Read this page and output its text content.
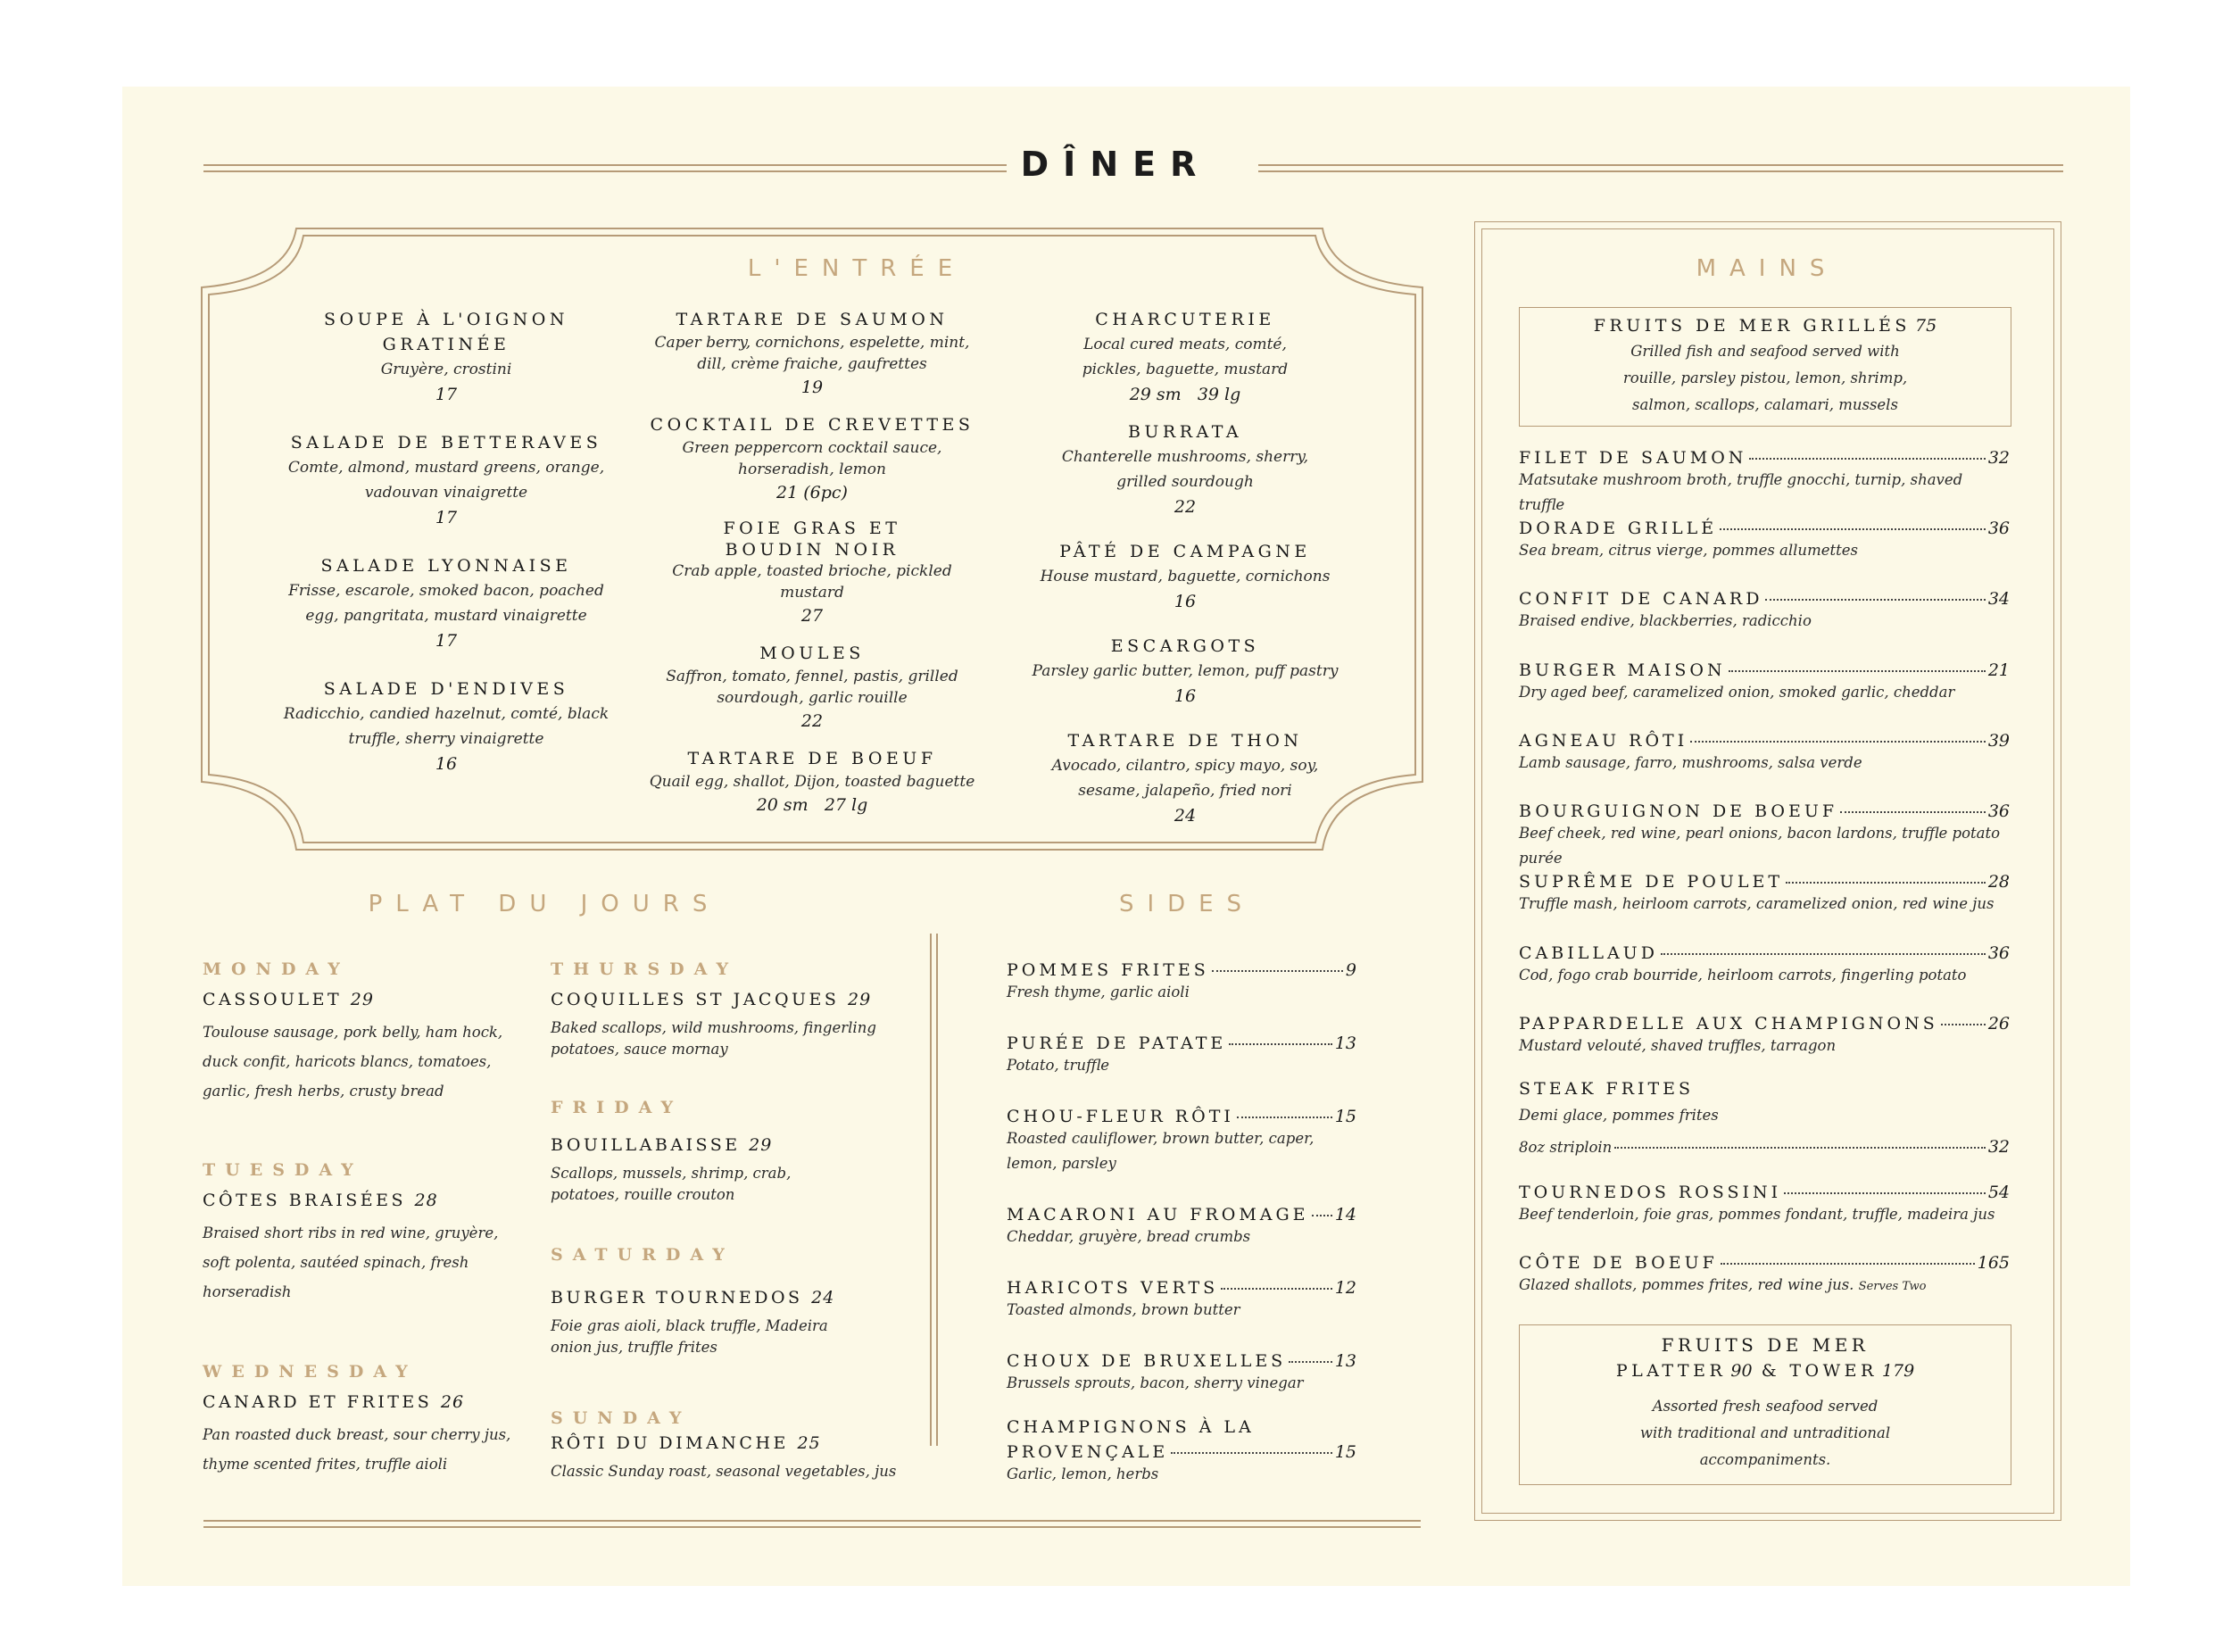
DÎNER
L'ENTRÉE
SOUPE À L'OIGNON GRATINÉE
Gruyère, crostini
17
SALADE DE BETTERAVES
Comte, almond, mustard greens, orange, vadouvan vinaigrette
17
SALADE LYONNAISE
Frisse, escarole, smoked bacon, poached egg, pangritata, mustard vinaigrette
17
SALADE D'ENDIVES
Radicchio, candied hazelnut, comté, black truffle, sherry vinaigrette
16
TARTARE DE SAUMON
Caper berry, cornichons, espelette, mint, dill, crème fraiche, gaufrettes
19
COCKTAIL DE CREVETTES
Green peppercorn cocktail sauce, horseradish, lemon
21 (6pc)
FOIE GRAS ET BOUDIN NOIR
Crab apple, toasted brioche, pickled mustard
27
MOULES
Saffron, tomato, fennel, pastis, grilled sourdough, garlic rouille
22
TARTARE DE BOEUF
Quail egg, shallot, Dijon, toasted baguette
20 sm   27 lg
CHARCUTERIE
Local cured meats, comté, pickles, baguette, mustard
29 sm   39 lg
BURRATA
Chanterelle mushrooms, sherry, grilled sourdough
22
PÂTÉ DE CAMPAGNE
House mustard, baguette, cornichons
16
ESCARGOTS
Parsley garlic butter, lemon, puff pastry
16
TARTARE DE THON
Avocado, cilantro, spicy mayo, soy, sesame, jalapeño, fried nori
24
PLAT DU JOURS
MONDAY
CASSOULET 29
Toulouse sausage, pork belly, ham hock, duck confit, haricots blancs, tomatoes, garlic, fresh herbs, crusty bread
TUESDAY
CÔTES BRAISÉES 28
Braised short ribs in red wine, gruyère, soft polenta, sautéed spinach, fresh horseradish
WEDNESDAY
CANARD ET FRITES 26
Pan roasted duck breast, sour cherry jus, thyme scented frites, truffle aioli
THURSDAY
COQUILLES ST JACQUES 29
Baked scallops, wild mushrooms, fingerling potatoes, sauce mornay
FRIDAY
BOUILLABAISSE 29
Scallops, mussels, shrimp, crab, potatoes, rouille crouton
SATURDAY
BURGER TOURNEDOS 24
Foie gras aioli, black truffle, Madeira onion jus, truffle frites
SUNDAY
RÔTI DU DIMANCHE 25
Classic Sunday roast, seasonal vegetables, jus
SIDES
POMMES FRITES	9
Fresh thyme, garlic aioli
PURÉE DE PATATE	13
Potato, truffle
CHOU-FLEUR RÔTI	15
Roasted cauliflower, brown butter, caper, lemon, parsley
MACARONI AU FROMAGE 14
Cheddar, gruyère, bread crumbs
HARICOTS VERTS	12
Toasted almonds, brown butter
CHOUX DE BRUXELLES	13
Brussels sprouts, bacon, sherry vinegar
CHAMPIGNONS À LA
PROVENÇALE	15
Garlic, lemon, herbs
MAINS
FRUITS DE MER GRILLÉS 75
Grilled fish and seafood served with rouille, parsley pistou, lemon, shrimp, salmon, scallops, calamari, mussels
FILET DE SAUMON	32
Matsutake mushroom broth, truffle gnocchi, turnip, shaved truffle
DORADE GRILLÉ	36
Sea bream, citrus vierge, pommes allumettes
CONFIT DE CANARD	34
Braised endive, blackberries, radicchio
BURGER MAISON	21
Dry aged beef, caramelized onion, smoked garlic, cheddar
AGNEAU RÔTI	39
Lamb sausage, farro, mushrooms, salsa verde
BOURGUIGNON DE BOEUF	36
Beef cheek, red wine, pearl onions, bacon lardons, truffle potato purée
SUPRÊME DE POULET	28
Truffle mash, heirloom carrots, caramelized onion, red wine jus
CABILLAUD	36
Cod, fogo crab bourride, heirloom carrots, fingerling potato
PAPPARDELLE AUX CHAMPIGNONS	26
Mustard velouté, shaved truffles, tarragon
STEAK FRITES
Demi glace, pommes frites
8oz striploin	32
TOURNEDOS ROSSINI	54
Beef tenderloin, foie gras, pommes fondant, truffle, madeira jus
CÔTE DE BOEUF	165
Glazed shallots, pommes frites, red wine jus. Serves Two
FRUITS DE MER
PLATTER 90 & TOWER 179
Assorted fresh seafood served with traditional and untraditional accompaniments.
